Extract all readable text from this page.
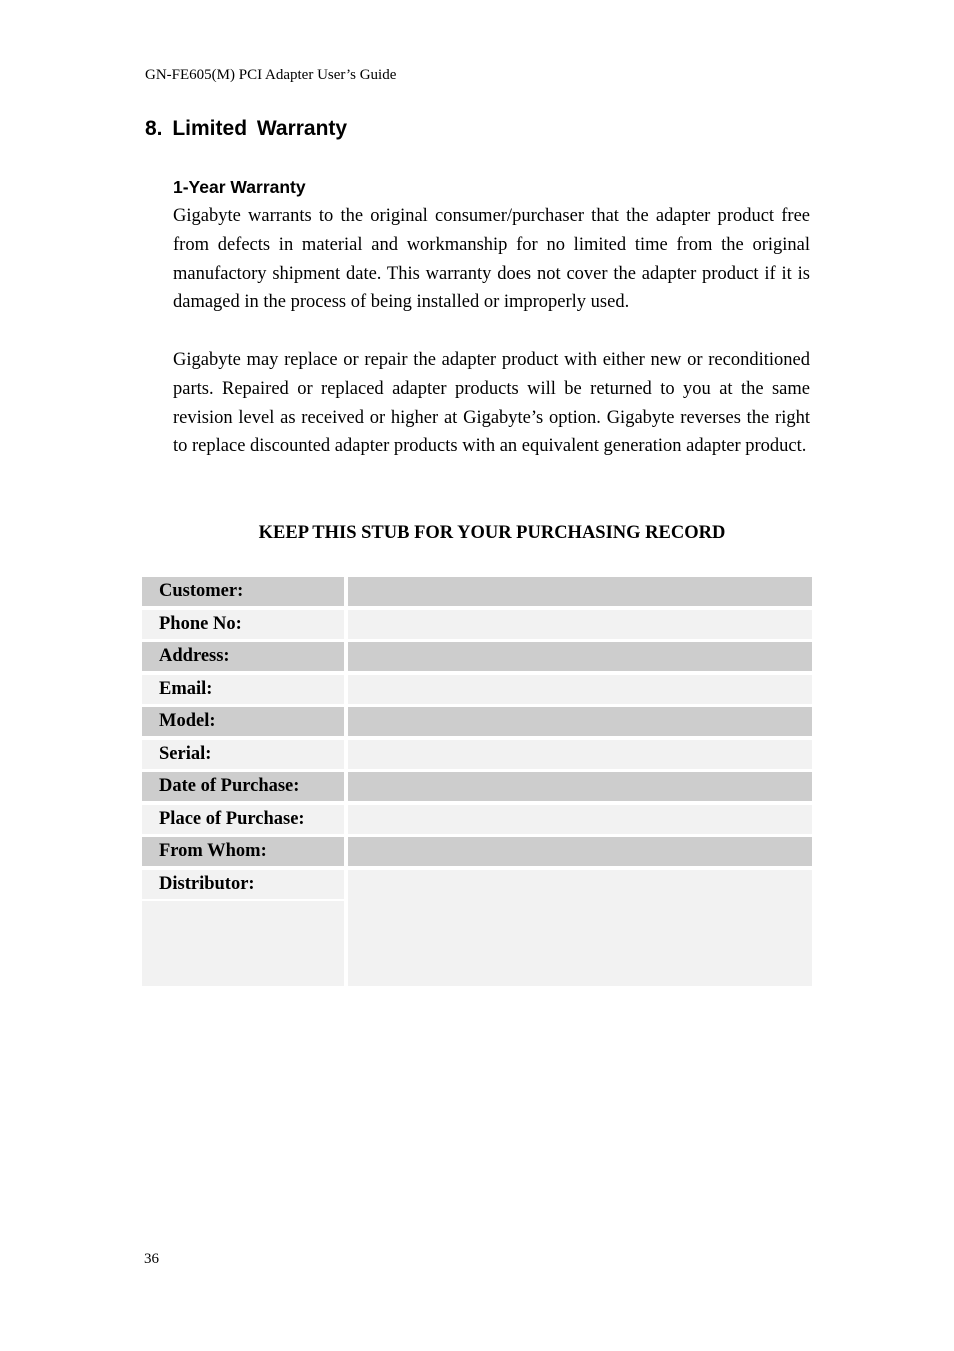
GN-FE605(M) PCI Adapter User’s Guide
8. Limited Warranty
1-Year Warranty

Gigabyte warrants to the original consumer/purchaser that the adapter product free from defects in material and workmanship for no limited time from the original manufactory shipment date. This warranty does not cover the adapter product if it is damaged in the process of being installed or improperly used.

Gigabyte may replace or repair the adapter product with either new or reconditioned parts. Repaired or replaced adapter products will be returned to you at the same revision level as received or higher at Gigabyte’s option. Gigabyte reverses the right to replace discounted adapter products with an equivalent generation adapter product.

KEEP THIS STUB FOR YOUR PURCHASING RECORD
Customer:
Phone No:
Address:
Email:
Model:
Serial:
Date of Purchase:
Place of Purchase:
From Whom:
Distributor:
36
